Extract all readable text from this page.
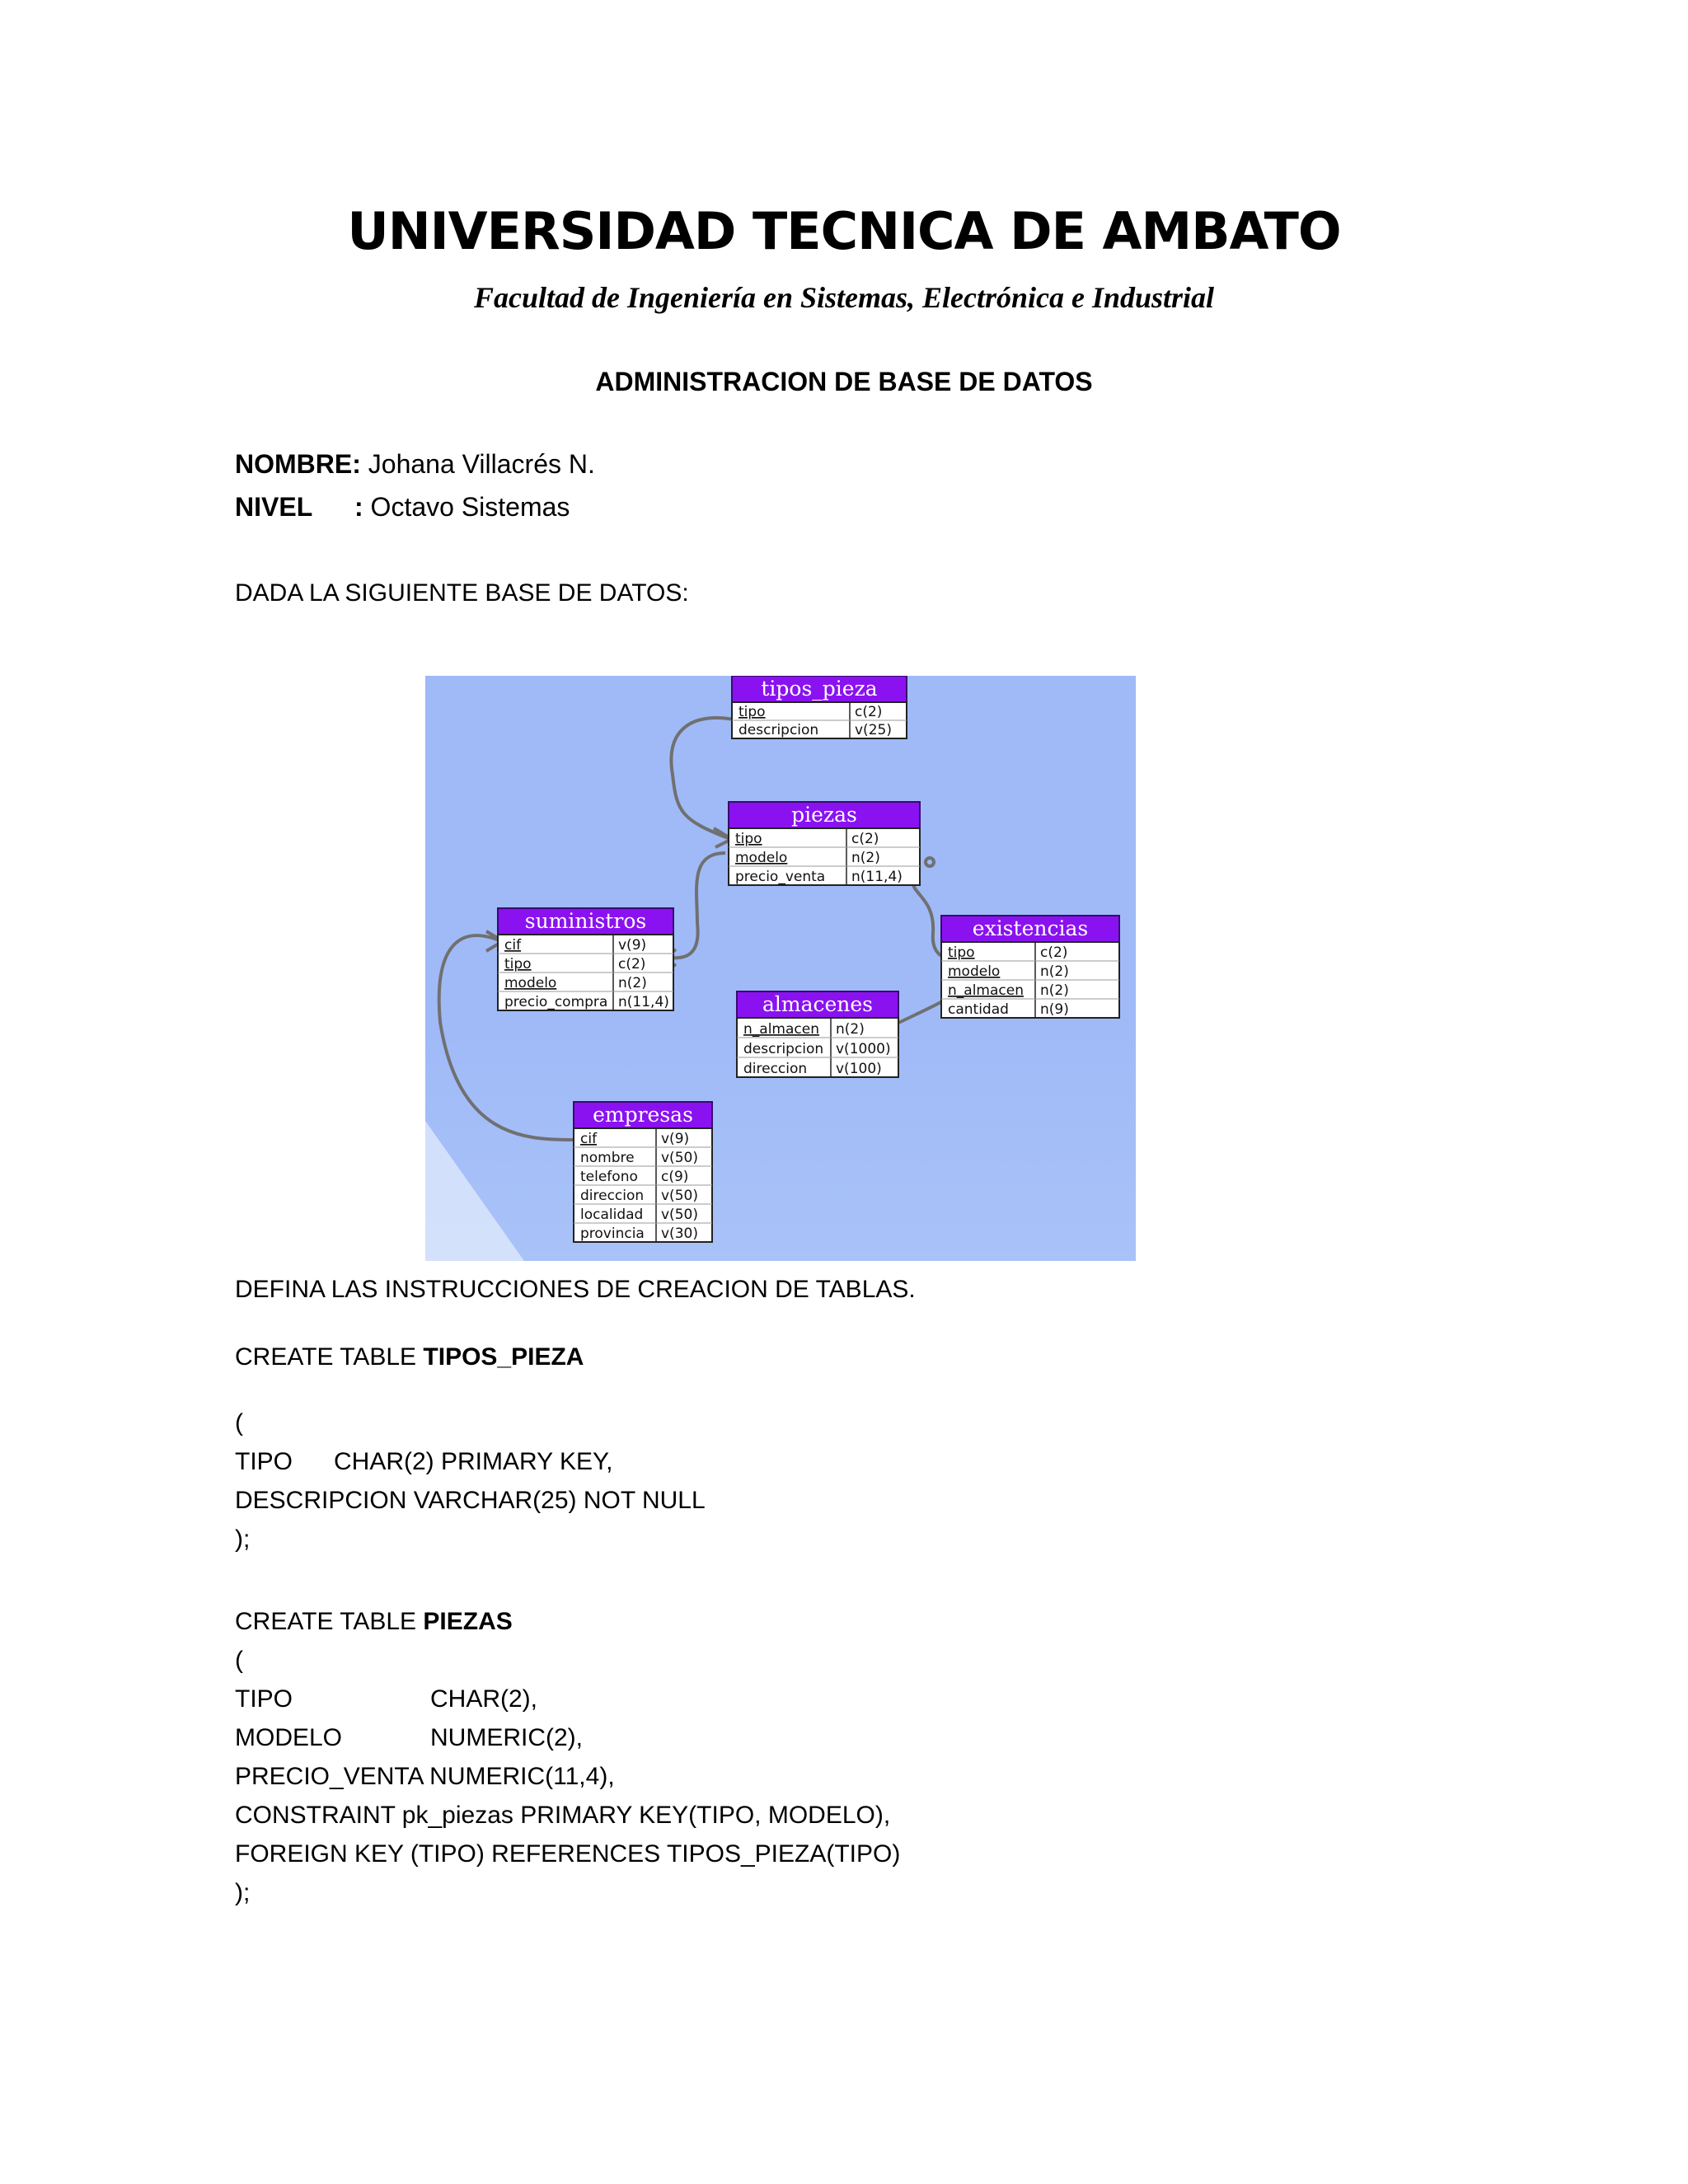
UNIVERSIDAD TECNICA DE AMBATO
Facultad de Ingeniería en Sistemas, Electrónica e Industrial
ADMINISTRACION DE BASE DE DATOS
NOMBRE: Johana Villacrés N.
NIVEL : Octavo Sistemas
DADA LA SIGUIENTE BASE DE DATOS:
tipos_pieza
tipo	c(2)
descripcion	v(25)
piezas
tipo	c(2)
modelo	n(2)
precio_venta n(11,4)
suministros
cif	v(9)
tipo	c(2)
modelo	n(2)
precio_compra n(11,4)
existencias
tipo	c(2)
modelo	n(2)
n_almacen n(2)
cantidad n(9)
almacenes
n_almacen n(2)
descripcion v(1000)
direccion v(100)
empresas
cif	v(9)
nombre v(50)
telefono c(9)
direccion v(50)
localidad v(50)
provincia v(30)
DEFINA LAS INSTRUCCIONES DE CREACION DE TABLAS.
CREATE TABLE TIPOS_PIEZA
(
TIPO CHAR(2) PRIMARY KEY,
DESCRIPCION VARCHAR(25) NOT NULL
);
CREATE TABLE PIEZAS
(
TIPO	CHAR(2),
MODELO	NUMERIC(2),
PRECIO_VENTA NUMERIC(11,4),
CONSTRAINT pk_piezas PRIMARY KEY(TIPO, MODELO),
FOREIGN KEY (TIPO) REFERENCES TIPOS_PIEZA(TIPO)
);
